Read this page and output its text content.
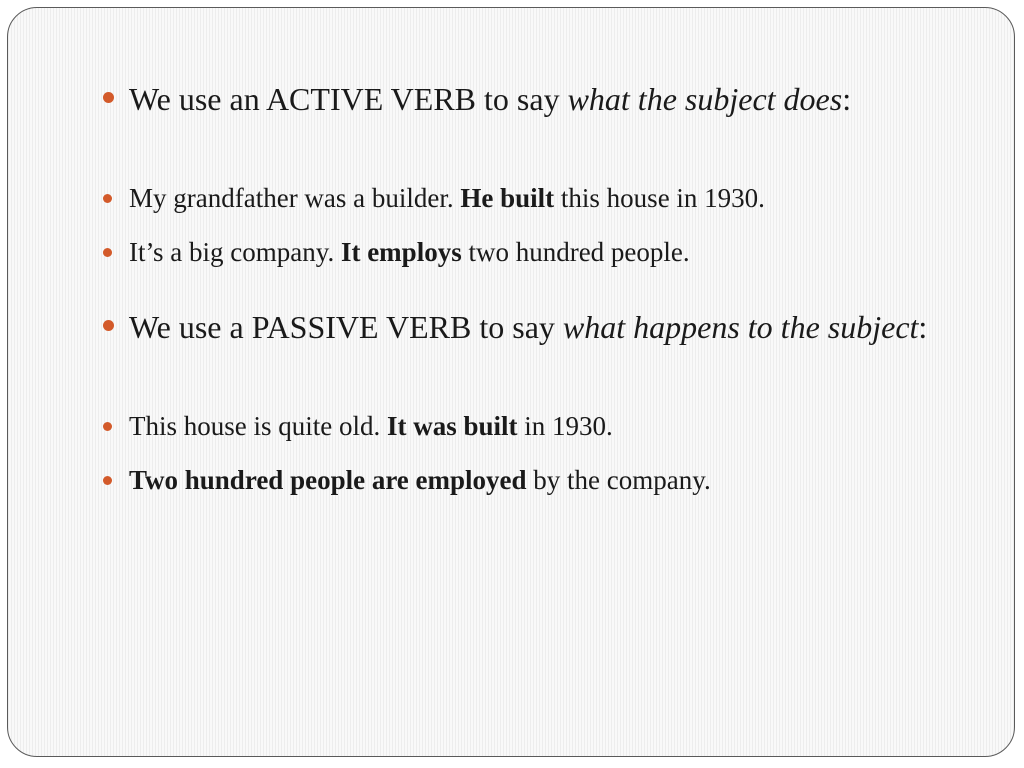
We use an ACTIVE VERB to say what the subject does:
My grandfather was a builder. He built this house in 1930.
It’s a big company. It employs two hundred people.
We use a PASSIVE VERB to say what happens to the subject:
This house is quite old. It was built in 1930.
Two hundred people are employed by the company.
